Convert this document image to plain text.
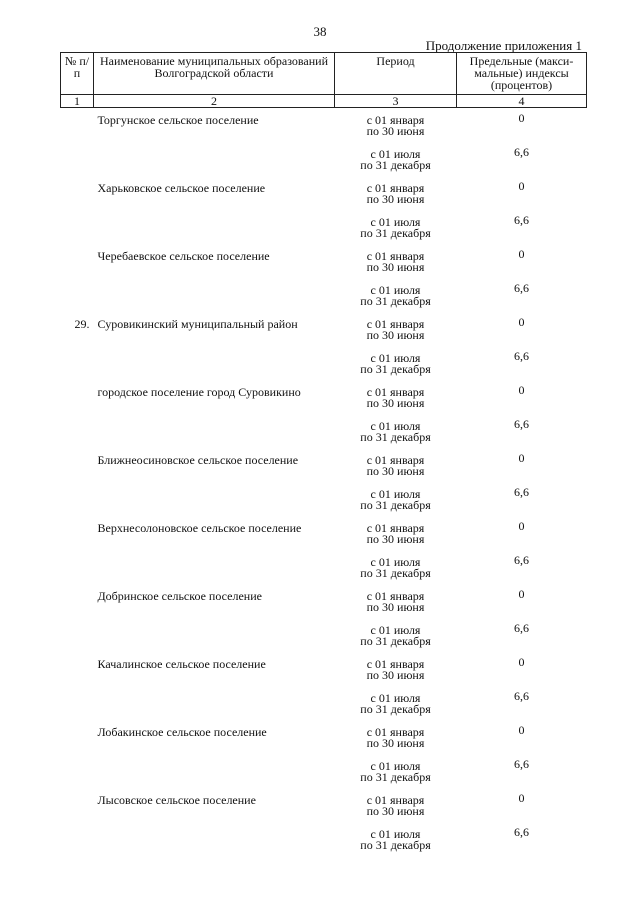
38
Продолжение приложения 1
№ п/п	Наименование муниципальных образований Волгоградской области	Период	Предельные (макси-мальные) индексы (процентов)
1	2	3	4
	Торгунское сельское поселение	с 01 января
по 30 июня	0

		с 01 июля
по 31 декабря	6,6
	Харьковское сельское поселение	с 01 января
по 30 июня	0

		с 01 июля
по 31 декабря	6,6
	Черебаевское сельское поселение	с 01 января
по 30 июня	0

		с 01 июля
по 31 декабря	6,6
29.	Суровикинский муниципальный район	с 01 января
по 30 июня	0

		с 01 июля
по 31 декабря	6,6
	городское поселение город Суровикино	с 01 января
по 30 июня	0

		с 01 июля
по 31 декабря	6,6
	Ближнеосиновское сельское поселение	с 01 января
по 30 июня	0

		с 01 июля
по 31 декабря	6,6
	Верхнесолоновское сельское поселение	с 01 января
по 30 июня	0

		с 01 июля
по 31 декабря	6,6
	Добринское сельское поселение	с 01 января
по 30 июня	0

		с 01 июля
по 31 декабря	6,6
	Качалинское сельское поселение	с 01 января
по 30 июня	0

		с 01 июля
по 31 декабря	6,6
	Лобакинское сельское поселение	с 01 января
по 30 июня	0

		с 01 июля
по 31 декабря	6,6
	Лысовское сельское поселение	с 01 января
по 30 июня	0

		с 01 июля
по 31 декабря	6,6
